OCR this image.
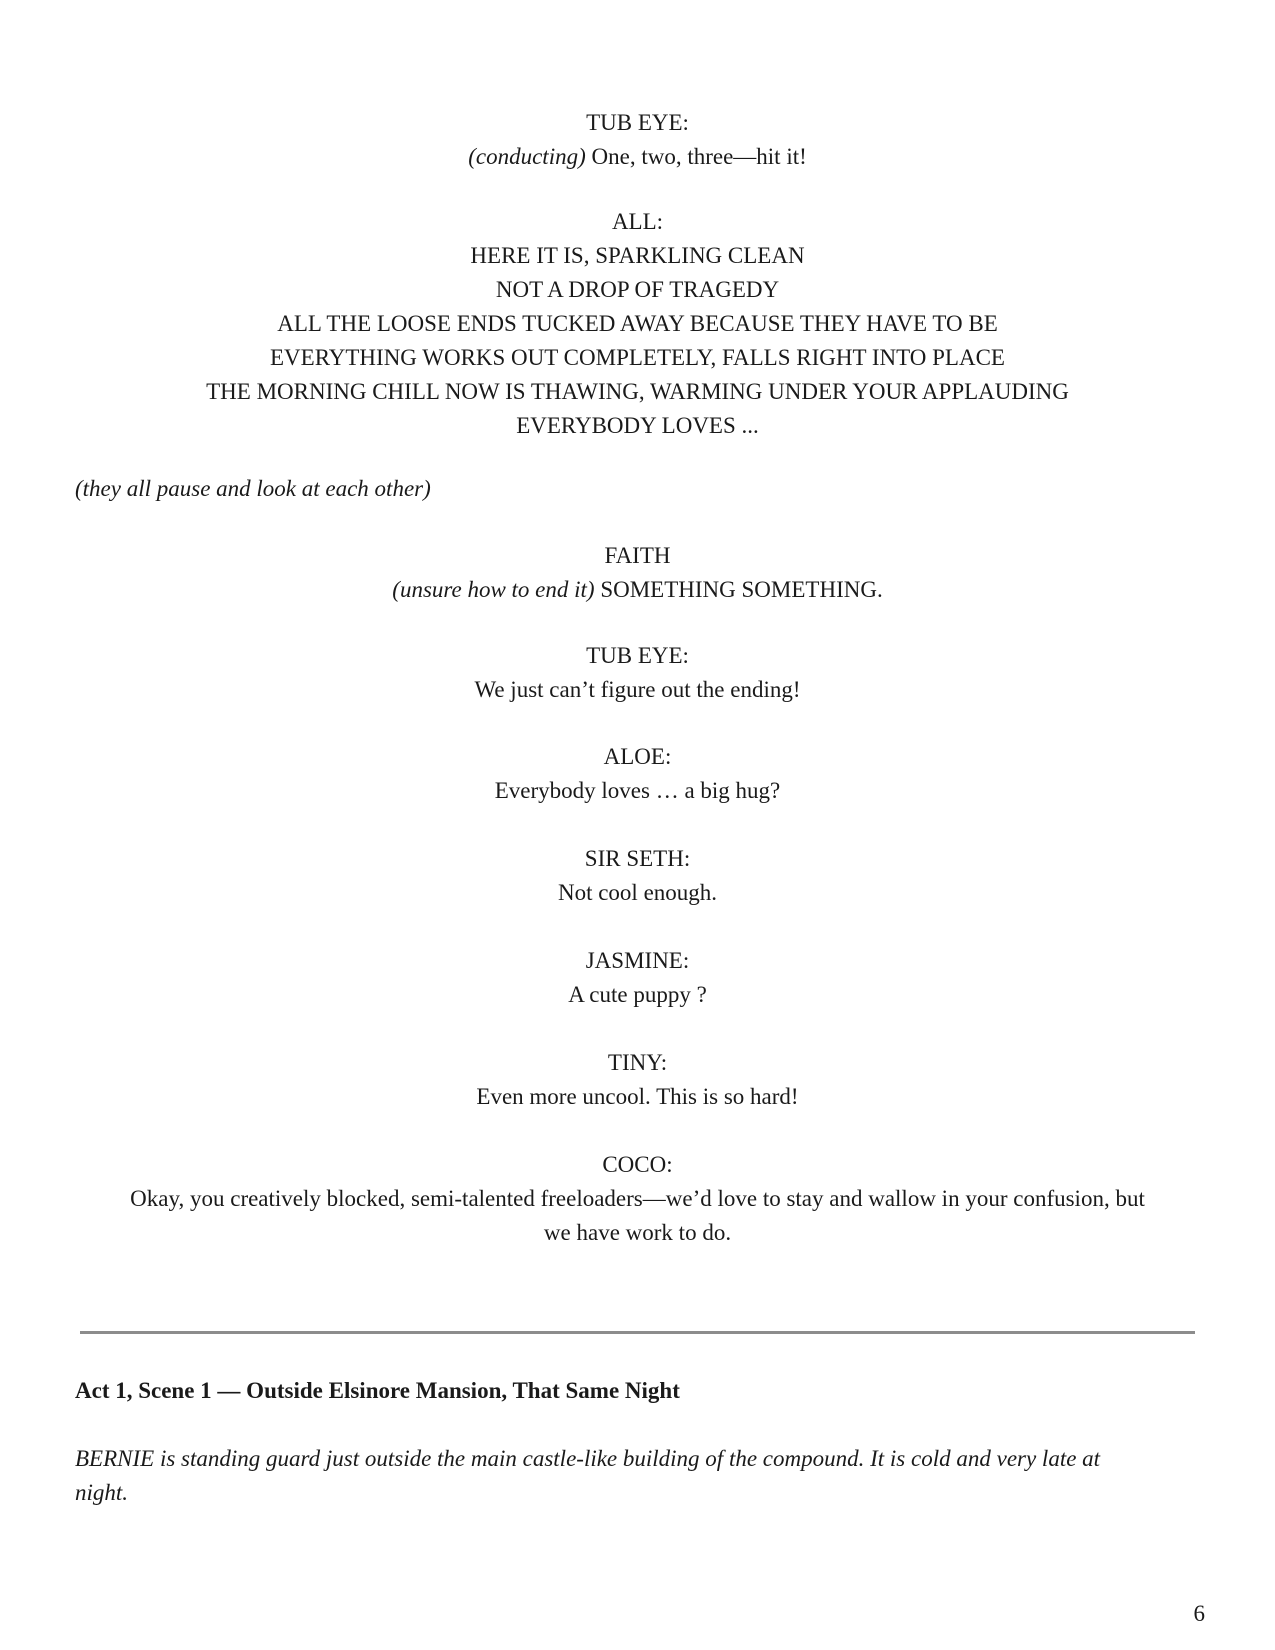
TUB EYE:
(conducting) One, two, three—hit it!
ALL:
HERE IT IS, SPARKLING CLEAN
NOT A DROP OF TRAGEDY
ALL THE LOOSE ENDS TUCKED AWAY BECAUSE THEY HAVE TO BE
EVERYTHING WORKS OUT COMPLETELY, FALLS RIGHT INTO PLACE
THE MORNING CHILL NOW IS THAWING, WARMING UNDER YOUR APPLAUDING
EVERYBODY LOVES ...
(they all pause and look at each other)
FAITH
(unsure how to end it) SOMETHING SOMETHING.
TUB EYE:
We just can’t figure out the ending!
ALOE:
Everybody loves … a big hug?
SIR SETH:
Not cool enough.
JASMINE:
A cute puppy ?
TINY:
Even more uncool. This is so hard!
COCO:
Okay, you creatively blocked, semi-talented freeloaders—we’d love to stay and wallow in your confusion, but
we have work to do.
Act 1, Scene 1 — Outside Elsinore Mansion, That Same Night
BERNIE is standing guard just outside the main castle-like building of the compound. It is cold and very late at
night.
6
